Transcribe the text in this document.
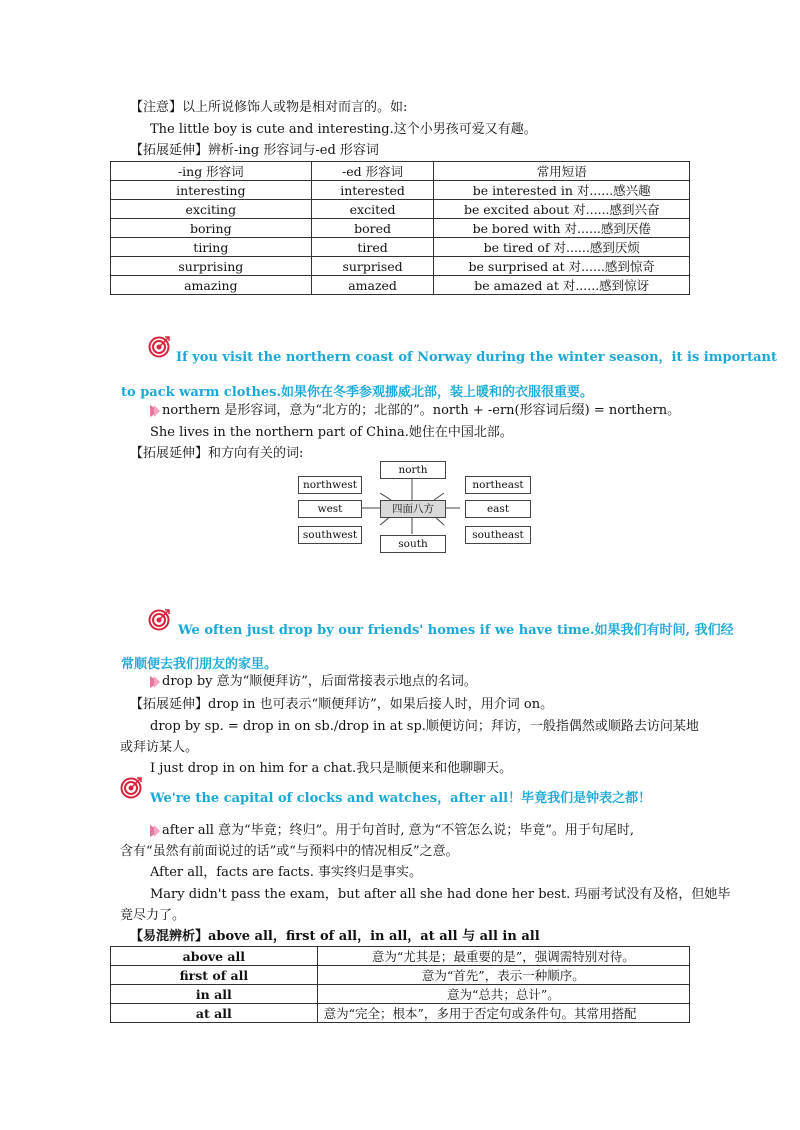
【注意】以上所说修饰人或物是相对而言的。如:
The little boy is cute and interesting.这个小男孩可爱又有趣。
【拓展延伸】辨析-ing 形容词与-ed 形容词
-ing 形容词	-ed 形容词	常用短语
interesting	interested	be interested in 对......感兴趣
exciting	excited	be excited about 对......感到兴奋
boring	bored	be bored with 对......感到厌倦
tiring	tired	be tired of 对......感到厌烦
surprising	surprised	be surprised at 对......感到惊奇
amazing	amazed	be amazed at 对......感到惊讶
If you visit the northern coast of Norway during the winter season，it is important
to pack warm clothes.如果你在冬季参观挪威北部，装上暖和的衣服很重要。
northern 是形容词，意为“北方的；北部的”。north + -ern(形容词后缀) = northern。
She lives in the northern part of China.她住在中国北部。
【拓展延伸】和方向有关的词:
north
northwest	northeast
west	四面八方	east
southwest	southeast
south
We often just drop by our friends' homes if we have time.如果我们有时间, 我们经
常顺便去我们朋友的家里。
drop by 意为“顺便拜访”，后面常接表示地点的名词。
【拓展延伸】drop in 也可表示“顺便拜访”，如果后接人时，用介词 on。
drop by sp. = drop in on sb./drop in at sp.顺便访问；拜访，一般指偶然或顺路去访问某地
或拜访某人。
I just drop in on him for a chat.我只是顺便来和他聊聊天。
We're the capital of clocks and watches，after all！毕竟我们是钟表之都！
after all 意为“毕竟；终归”。用于句首时, 意为“不管怎么说；毕竟”。用于句尾时,
含有“虽然有前面说过的话”或“与预料中的情况相反”之意。
After all，facts are facts. 事实终归是事实。
Mary didn't pass the exam，but after all she had done her best. 玛丽考试没有及格，但她毕
竟尽力了。
【易混辨析】above all，first of all，in all，at all 与 all in all
above all	意为“尤其是；最重要的是”，强调需特别对待。
first of all	意为“首先”，表示一种顺序。
in all	意为“总共；总计”。
at all	意为“完全；根本”，多用于否定句或条件句。其常用搭配
